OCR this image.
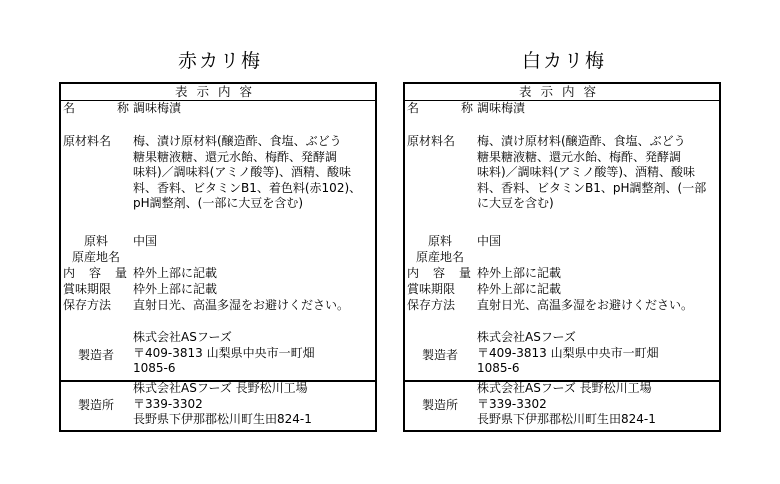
赤カリ梅
表示内容
名	称 調味梅漬
原材料名 梅、漬け原材料(醸造酢、食塩、ぶどう
糖果糖液糖、還元水飴、梅酢、発酵調
味料)／調味料(アミノ酸等)、酒精、酸味
料、香料、ビタミンB1、着色料(赤102)、
pH調整剤、(一部に大豆を含む)
原料
原産地名
中国
内 容 量 枠外上部に記載
賞味期限 枠外上部に記載
保存方法 直射日光、高温多湿をお避けください。
製造者
株式会社ASフーズ
〒409-3813 山梨県中央市一町畑
1085-6
製造所
株式会社ASフーズ 長野松川工場
〒339-3302
長野県下伊那郡松川町生田824-1
白カリ梅
表示内容
名	称 調味梅漬
原材料名 梅、漬け原材料(醸造酢、食塩、ぶどう
糖果糖液糖、還元水飴、梅酢、発酵調
味料)／調味料(アミノ酸等)、酒精、酸味
料、香料、ビタミンB1、pH調整剤、(一部
に大豆を含む)
原料
原産地名
中国
内 容 量 枠外上部に記載
賞味期限 枠外上部に記載
保存方法 直射日光、高温多湿をお避けください。
製造者
株式会社ASフーズ
〒409-3813 山梨県中央市一町畑
1085-6
製造所
株式会社ASフーズ 長野松川工場
〒339-3302
長野県下伊那郡松川町生田824-1
